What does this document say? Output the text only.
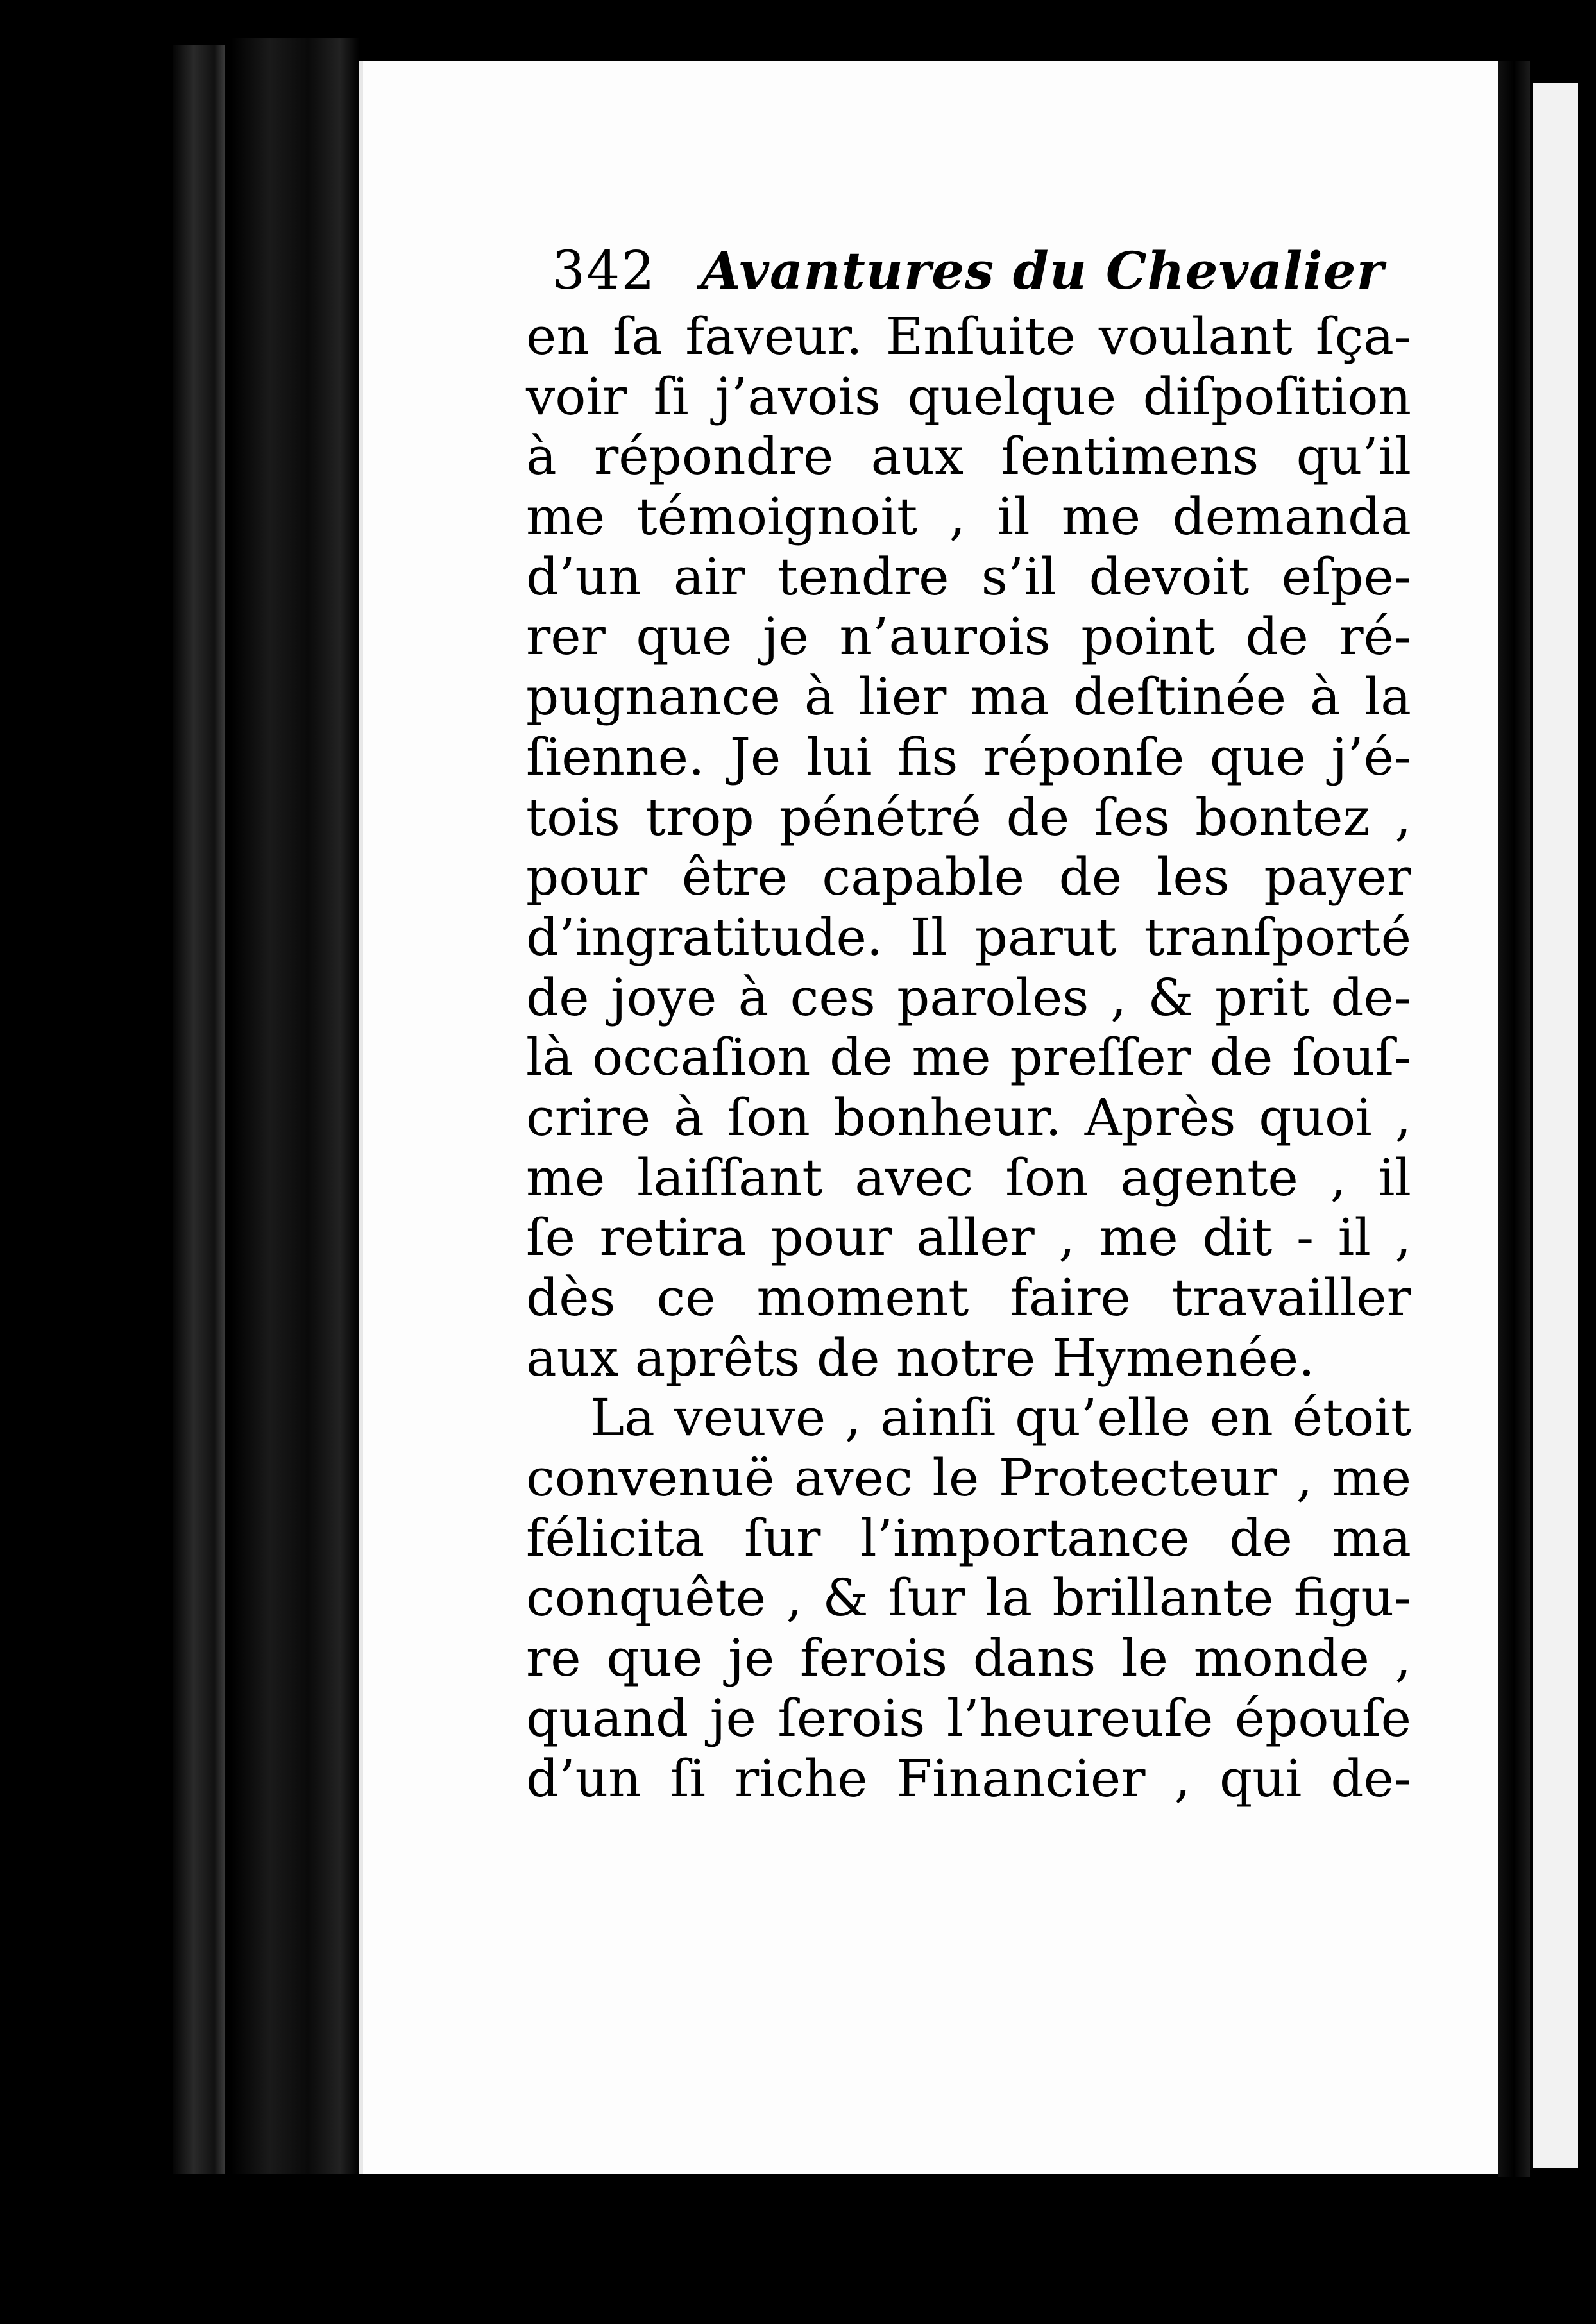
342 Avantures du Chevalier
en ſa faveur. Enſuite voulant ſça-
voir ſi j’avois quelque diſpoſition
à répondre aux ſentimens qu’il
me témoignoit , il me demanda
d’un air tendre s’il devoit eſpe-
rer que je n’aurois point de ré-
pugnance à lier ma deſtinée à la
ſienne. Je lui fis réponſe que j’é-
tois trop pénétré de ſes bontez ,
pour être capable de les payer
d’ingratitude. Il parut tranſporté
de joye à ces paroles , & prit de-
là occaſion de me preſſer de ſouſ-
crire à ſon bonheur. Après quoi ,
me laiſſant avec ſon agente , il
ſe retira pour aller , me dit - il ,
dès ce moment faire travailler
aux aprêts de notre Hymenée.
La veuve , ainſi qu’elle en étoit
convenuë avec le Protecteur , me
félicita ſur l’importance de ma
conquête , & ſur la brillante figu-
re que je ferois dans le monde ,
quand je ſerois l’heureuſe épouſe
d’un ſi riche Financier , qui de-
